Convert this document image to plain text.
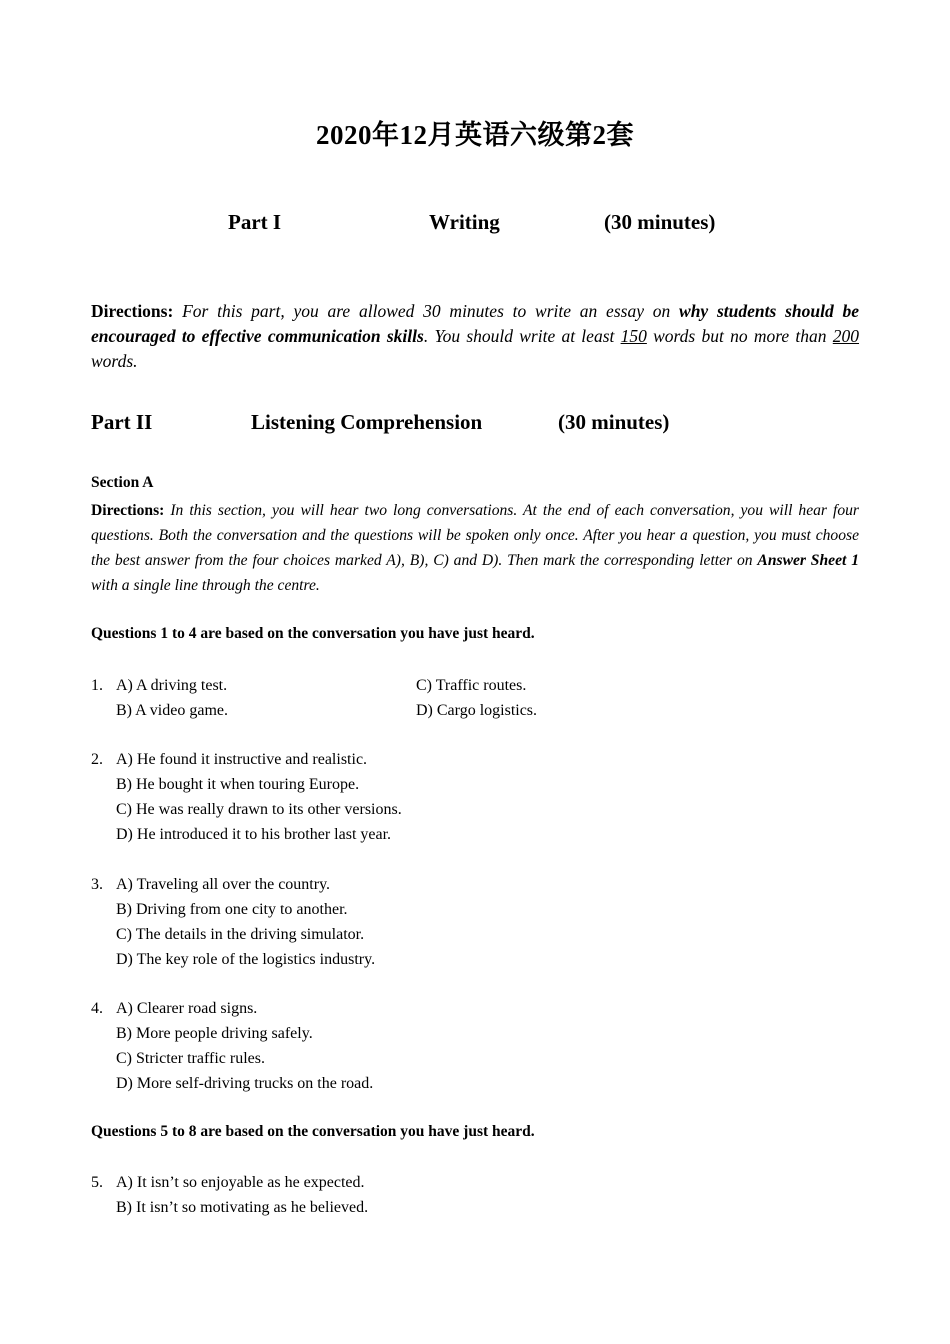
2020年12月英语六级第2套
Part I	Writing	(30 minutes)
Directions: For this part, you are allowed 30 minutes to write an essay on why students should be encouraged to effective communication skills. You should write at least 150 words but no more than 200 words.
Part II	Listening Comprehension	(30 minutes)
Section A
Directions: In this section, you will hear two long conversations. At the end of each conversation, you will hear four questions. Both the conversation and the questions will be spoken only once. After you hear a question, you must choose the best answer from the four choices marked A), B), C) and D). Then mark the corresponding letter on Answer Sheet 1 with a single line through the centre.
Questions 1 to 4 are based on the conversation you have just heard.
1. A) A driving test.
B) A video game.
C) Traffic routes.
D) Cargo logistics.
2. A) He found it instructive and realistic.
B) He bought it when touring Europe.
C) He was really drawn to its other versions.
D) He introduced it to his brother last year.
3. A) Traveling all over the country.
B) Driving from one city to another.
C) The details in the driving simulator.
D) The key role of the logistics industry.
4. A) Clearer road signs.
B) More people driving safely.
C) Stricter traffic rules.
D) More self-driving trucks on the road.
Questions 5 to 8 are based on the conversation you have just heard.
5. A) It isn’t so enjoyable as he expected.
B) It isn’t so motivating as he believed.
